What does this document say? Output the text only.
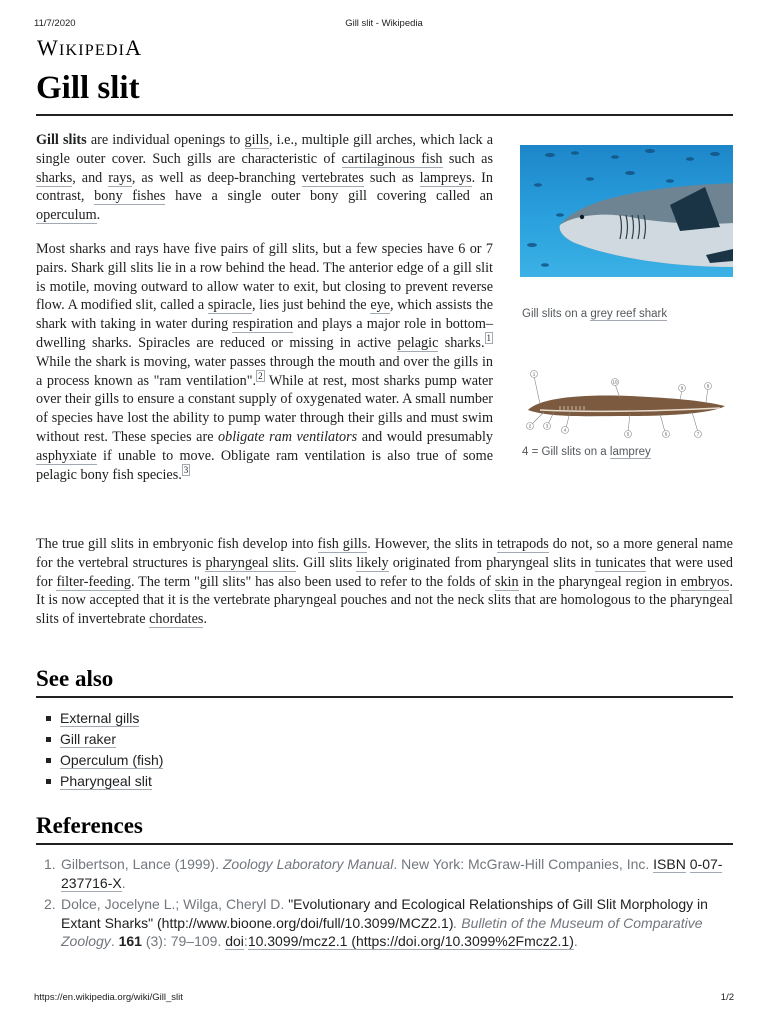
11/7/2020	Gill slit - Wikipedia
WIKIPEDIA
Gill slit

Gill slits are individual openings to gills, i.e., multiple gill arches, which lack a single outer cover. Such gills are characteristic of cartilaginous fish such as sharks, and rays, as well as deep-branching vertebrates such as lampreys. In contrast, bony fishes have a single outer bony gill covering called an operculum.

Most sharks and rays have five pairs of gill slits, but a few species have 6 or 7 pairs. Shark gill slits lie in a row behind the head. The anterior edge of a gill slit is motile, moving outward to allow water to exit, but closing to prevent reverse flow. A modified slit, called a spiracle, lies just behind the eye, which assists the shark with taking in water during respiration and plays a major role in bottom–dwelling sharks. Spiracles are reduced or missing in active pelagic sharks. $^1$ While the shark is moving, water passes through the mouth and over the gills in a process known as "ram ventilation". $^2$ While at rest, most sharks pump water over their gills to ensure a constant supply of oxygenated water. A small number of species have lost the ability to pump water through their gills and must swim without rest. These species are obligate ram ventilators and would presumably asphyxiate if unable to move. Obligate ram ventilation is also true of some pelagic bony fish species. $^3$

Gill slits on a grey reef shark
1
10
9	8
2	3
4
5	6	7
4 = Gill slits on a lamprey

The true gill slits in embryonic fish develop into fish gills. However, the slits in tetrapods do not, so a more general name for the vertebral structures is pharyngeal slits. Gill slits likely originated from pharyngeal slits in tunicates that were used for filter-feeding. The term "gill slits" has also been used to refer to the folds of skin in the pharyngeal region in embryos. It is now accepted that it is the vertebrate pharyngeal pouches and not the neck slits that are homologous to the pharyngeal slits of invertebrate chordates.

See also
External gills
Gill raker
Operculum (fish)
Pharyngeal slit
References
1. Gilbertson, Lance (1999). Zoology Laboratory Manual. New York: McGraw-Hill Companies, Inc. ISBN 0-07-237716-X.
2. Dolce, Jocelyne L.; Wilga, Cheryl D. "Evolutionary and Ecological Relationships of Gill Slit Morphology in Extant Sharks" (http://www.bioone.org/doi/full/10.3099/MCZ2.1). Bulletin of the Museum of Comparative Zoology. 161 (3): 79–109. doi:10.3099/mcz2.1 (https://doi.org/10.3099%2Fmcz2.1).
https://en.wikipedia.org/wiki/Gill_slit	1/2
